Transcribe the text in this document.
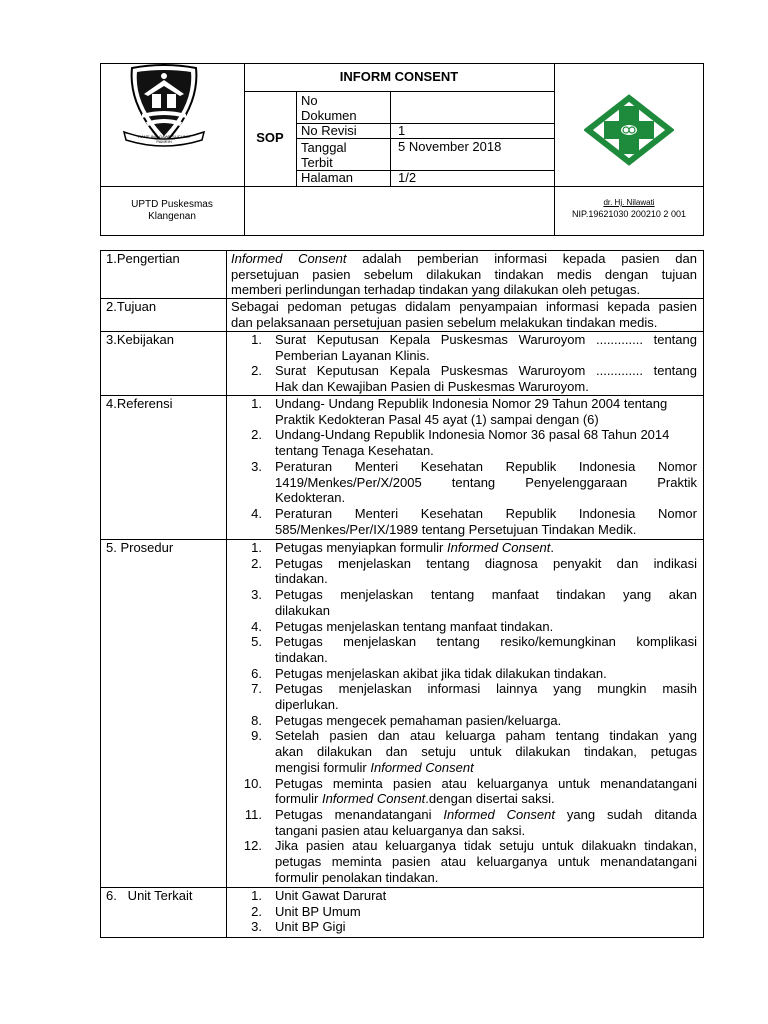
RAME ING GAWE SUCI ING PAMRIH
INFORM CONSENT
SOP
No Dokumen
No Revisi	1
Tanggal Terbit
5 November 2018
Halaman	1/2
UPTD Puskesmas
Klangenan
dr. Hj. Nilawati
NIP.19621030 200210 2 001
1.Pengertian
2.Tujuan
3.Kebijakan
4.Referensi
5. Prosedur
6.   Unit Terkait
Informed Consent adalah pemberian informasi kepada pasien dan
persetujuan pasien sebelum dilakukan tindakan medis dengan tujuan
memberi perlindungan terhadap tindakan yang dilakukan oleh petugas.
Sebagai pedoman petugas didalam penyampaian informasi kepada pasien
dan pelaksanaan persetujuan pasien sebelum melakukan tindakan medis.
1. Surat Keputusan Kepala Puskesmas Waruroyom ............. tentang
Pemberian Layanan Klinis.
2. Surat Keputusan Kepala Puskesmas Waruroyom ............. tentang
Hak dan Kewajiban Pasien di Puskesmas Waruroyom.
1. Undang- Undang Republik Indonesia Nomor 29 Tahun 2004 tentang
Praktik Kedokteran Pasal 45 ayat (1) sampai dengan (6)
2. Undang-Undang Republik Indonesia Nomor 36 pasal 68 Tahun 2014
tentang Tenaga Kesehatan.
3. Peraturan Menteri Kesehatan Republik Indonesia Nomor
1419/Menkes/Per/X/2005 tentang Penyelenggaraan Praktik
Kedokteran.
4. Peraturan Menteri Kesehatan Republik Indonesia Nomor
585/Menkes/Per/IX/1989 tentang Persetujuan Tindakan Medik.
1. Petugas menyiapkan formulir Informed Consent.
2. Petugas menjelaskan tentang diagnosa penyakit dan indikasi
tindakan.
3. Petugas menjelaskan tentang manfaat tindakan yang akan
dilakukan
4. Petugas menjelaskan tentang manfaat tindakan.
5. Petugas menjelaskan tentang resiko/kemungkinan komplikasi
tindakan.
6. Petugas menjelaskan akibat jika tidak dilakukan tindakan.
7. Petugas menjelaskan informasi lainnya yang mungkin masih
diperlukan.
8. Petugas mengecek pemahaman pasien/keluarga.
9. Setelah pasien dan atau keluarga paham tentang tindakan yang
akan dilakukan dan setuju untuk dilakukan tindakan, petugas
mengisi formulir Informed Consent
10. Petugas meminta pasien atau keluarganya untuk menandatangani
formulir Informed Consent.dengan disertai saksi.
11. Petugas menandatangani Informed Consent yang sudah ditanda
tangani pasien atau keluarganya dan saksi.
12. Jika pasien atau keluarganya tidak setuju untuk dilakuakn tindakan,
petugas meminta pasien atau keluarganya untuk menandatangani
formulir penolakan tindakan.
1. Unit Gawat Darurat
2. Unit BP Umum
3. Unit BP Gigi
